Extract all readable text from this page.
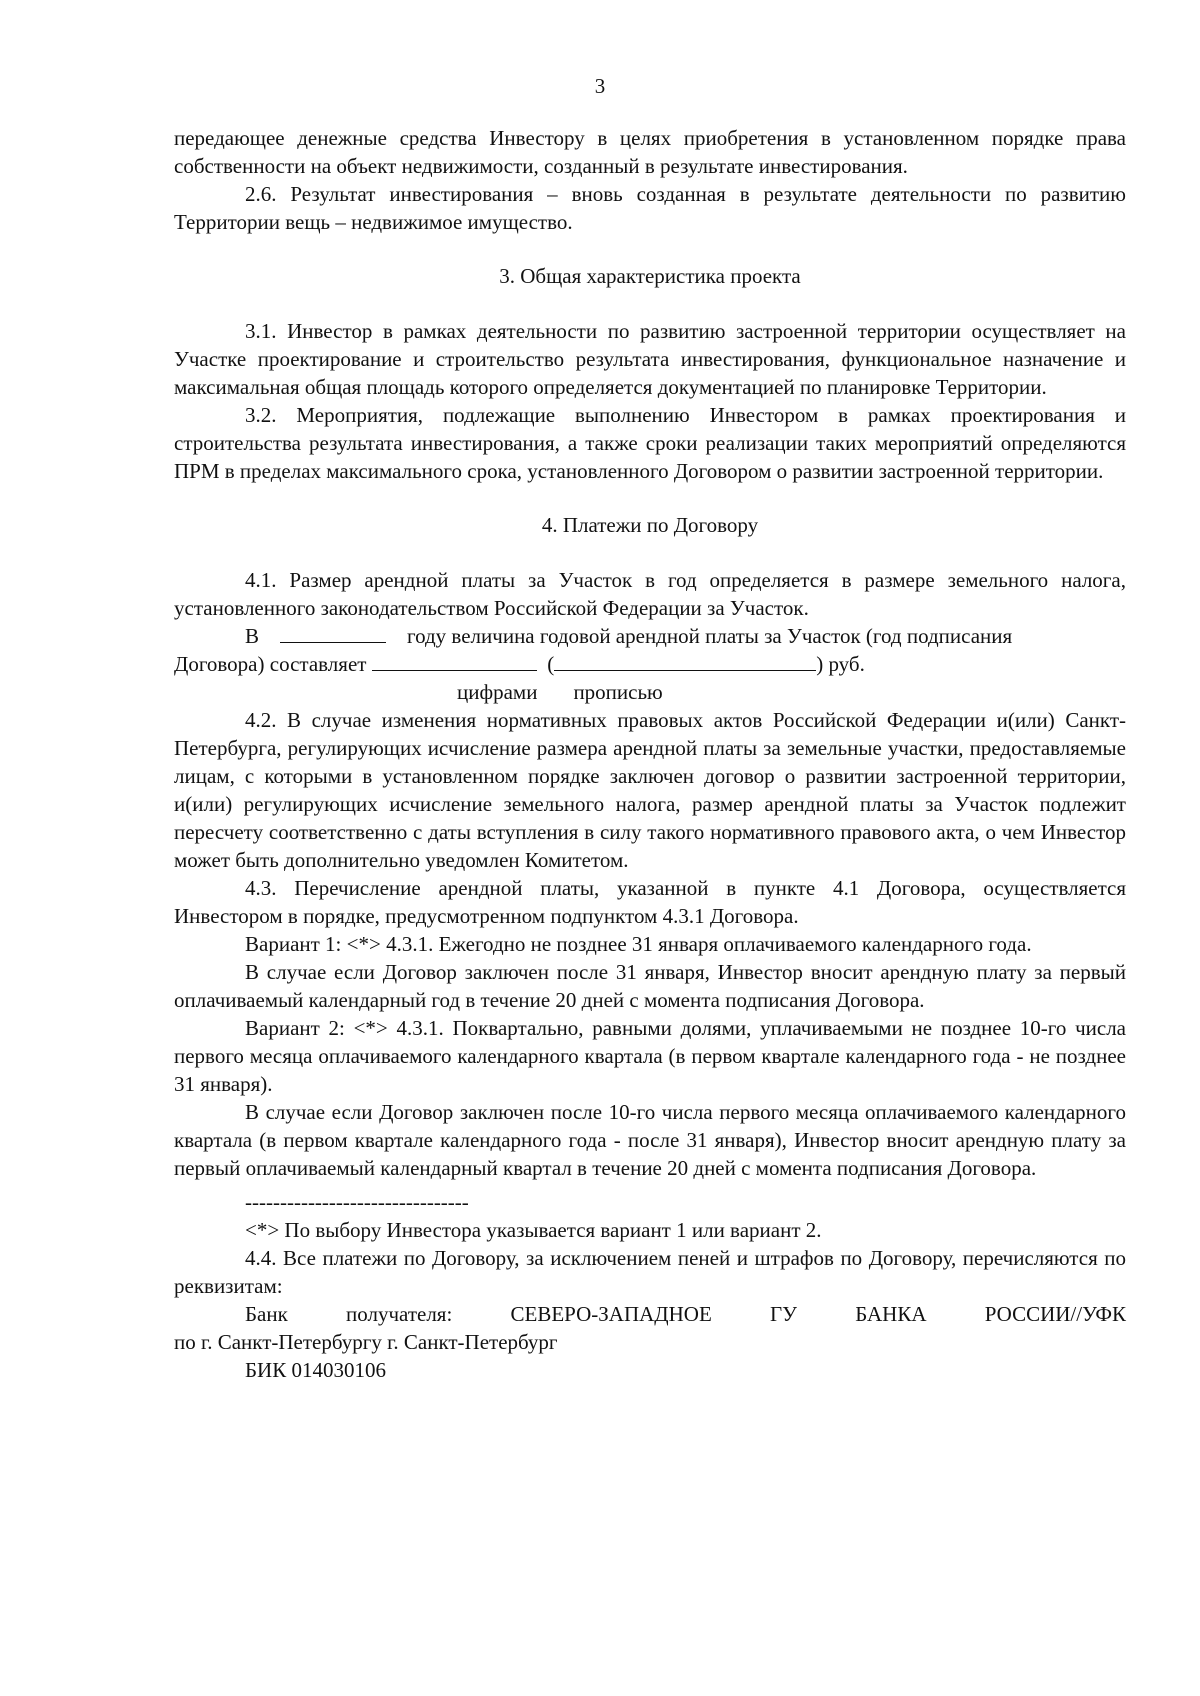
3

передающее денежные средства Инвестору в целях приобретения в установленном порядке права собственности на объект недвижимости, созданный в результате инвестирования.

2.6. Результат инвестирования – вновь созданная в результате деятельности по развитию Территории вещь – недвижимое имущество.

3. Общая характеристика проекта

3.1. Инвестор в рамках деятельности по развитию застроенной территории осуществляет на Участке проектирование и строительство результата инвестирования, функциональное назначение и максимальная общая площадь которого определяется документацией по планировке Территории.

3.2. Мероприятия, подлежащие выполнению Инвестором в рамках проектирования и строительства результата инвестирования, а также сроки реализации таких мероприятий определяются ПРМ в пределах максимального срока, установленного Договором о развитии застроенной территории.

4. Платежи по Договору

4.1. Размер арендной платы за Участок в год определяется в размере земельного налога, установленного законодательством Российской Федерации за Участок.

В	году величина годовой арендной платы за Участок (год подписания

Договора) составляет	(	) руб.

цифрами прописью

4.2. В случае изменения нормативных правовых актов Российской Федерации и(или) Санкт-Петербурга, регулирующих исчисление размера арендной платы за земельные участки, предоставляемые лицам, с которыми в установленном порядке заключен договор о развитии застроенной территории, и(или) регулирующих исчисление земельного налога, размер арендной платы за Участок подлежит пересчету соответственно с даты вступления в силу такого нормативного правового акта, о чем Инвестор может быть дополнительно уведомлен Комитетом.

4.3. Перечисление арендной платы, указанной в пункте 4.1 Договора, осуществляется Инвестором в порядке, предусмотренном подпунктом 4.3.1 Договора.

Вариант 1: <*> 4.3.1. Ежегодно не позднее 31 января оплачиваемого календарного года.

В случае если Договор заключен после 31 января, Инвестор вносит арендную плату за первый оплачиваемый календарный год в течение 20 дней с момента подписания Договора.

Вариант 2: <*> 4.3.1. Поквартально, равными долями, уплачиваемыми не позднее 10-го числа первого месяца оплачиваемого календарного квартала (в первом квартале календарного года - не позднее 31 января).

В случае если Договор заключен после 10-го числа первого месяца оплачиваемого календарного квартала (в первом квартале календарного года - после 31 января), Инвестор вносит арендную плату за первый оплачиваемый календарный квартал в течение 20 дней с момента подписания Договора.

--------------------------------

<*> По выбору Инвестора указывается вариант 1 или вариант 2.

4.4. Все платежи по Договору, за исключением пеней и штрафов по Договору, перечисляются по реквизитам:

Банк получателя: СЕВЕРО-ЗАПАДНОЕ ГУ БАНКА РОССИИ//УФК

по г. Санкт-Петербургу г. Санкт-Петербург

БИК 014030106
